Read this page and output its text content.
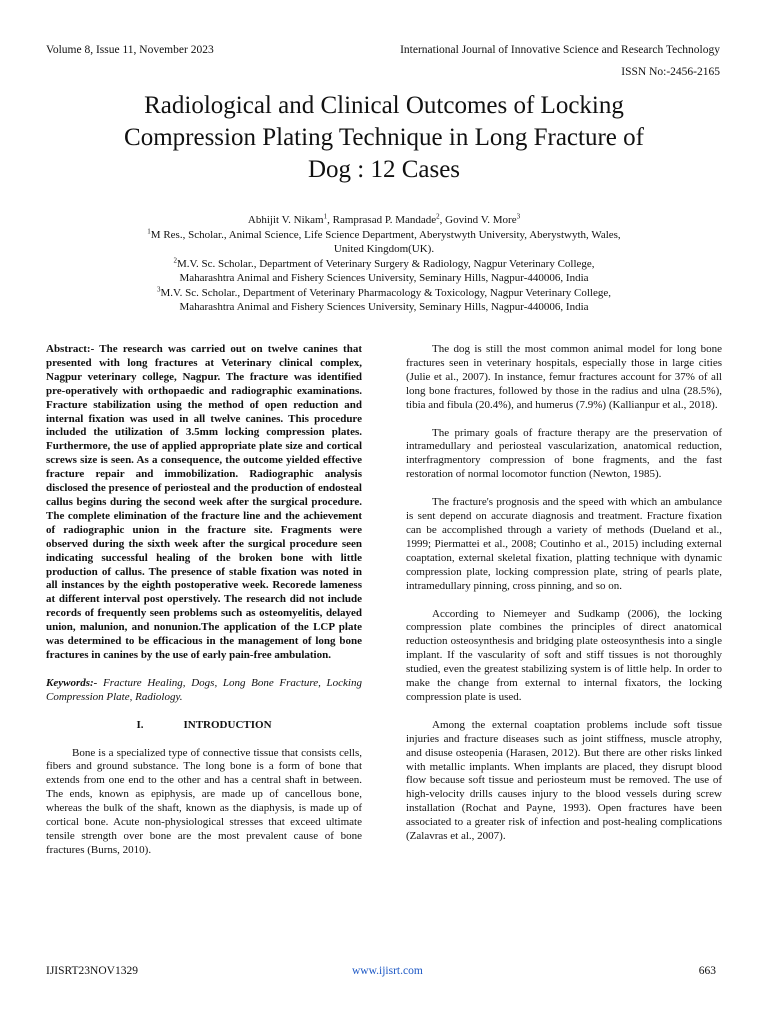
Volume 8, Issue 11, November 2023	International Journal of Innovative Science and Research Technology
ISSN No:-2456-2165
Radiological and Clinical Outcomes of Locking
Compression Plating Technique in Long Fracture of
Dog : 12 Cases
Abhijit V. Nikam$^1$, Ramprasad P. Mandade$^2$, Govind V. More$^3$
$^1$M Res., Scholar., Animal Science, Life Science Department, Aberystwyth University, Aberystwyth, Wales,
United Kingdom(UK).
$^2$M.V. Sc. Scholar., Department of Veterinary Surgery & Radiology, Nagpur Veterinary College,
Maharashtra Animal and Fishery Sciences University, Seminary Hills, Nagpur-440006, India
$^3$M.V. Sc. Scholar., Department of Veterinary Pharmacology & Toxicology, Nagpur Veterinary College,
Maharashtra Animal and Fishery Sciences University, Seminary Hills, Nagpur-440006, India

Abstract:- The research was carried out on twelve canines that presented with long fractures at Veterinary clinical complex, Nagpur veterinary college, Nagpur. The fracture was identified pre-operatively with orthopaedic and radiographic examinations. Fracture stabilization using the method of open reduction and internal fixation was used in all twelve canines. This procedure included the utilization of 3.5mm locking compression plates. Furthermore, the use of applied appropriate plate size and cortical screws size is seen. As a consequence, the outcome yielded effective fracture repair and immobilization. Radiographic analysis disclosed the presence of periosteal and the production of endosteal callus begins during the second week after the surgical procedure. The complete elimination of the fracture line and the achievement of radiographic union in the fracture site. Fragments were observed during the sixth week after the surgical procedure seen indicating successful healing of the broken bone with little production of callus. The presence of stable fixation was noted in all instances by the eighth postoperative week. Recorede lameness at different interval post operstively. The research did not include records of frequently seen problems such as osteomyelitis, delayed union, malunion, and nonunion.The application of the LCP plate was determined to be efficacious in the management of long bone fractures in canines by the use of early pain-free ambulation.

Keywords:- Fracture Healing, Dogs, Long Bone Fracture, Locking Compression Plate, Radiology.

I.	INTRODUCTION

Bone is a specialized type of connective tissue that consists cells, fibers and ground substance. The long bone is a form of bone that extends from one end to the other and has a central shaft in between. The ends, known as epiphysis, are made up of cancellous bone, whereas the bulk of the shaft, known as the diaphysis, is made up of cortical bone. Acute non-physiological stresses that exceed ultimate tensile strength over bone are the most prevalent cause of bone fractures (Burns, 2010).

The dog is still the most common animal model for long bone fractures seen in veterinary hospitals, especially those in large cities (Julie et al., 2007). In instance, femur fractures account for 37% of all long bone fractures, followed by those in the radius and ulna (28.5%), tibia and fibula (20.4%), and humerus (7.9%) (Kallianpur et al., 2018).

The primary goals of fracture therapy are the preservation of intramedullary and periosteal vascularization, anatomical reduction, interfragmentory compression of bone fragments, and the fast restoration of normal locomotor function (Newton, 1985).

The fracture's prognosis and the speed with which an ambulance is sent depend on accurate diagnosis and treatment. Fracture fixation can be accomplished through a variety of methods (Dueland et al., 1999; Piermattei et al., 2008; Coutinho et al., 2015) including external coaptation, external skeletal fixation, platting technique with dynamic compression plate, locking compression plate, string of pearls plate, intramedullary pinning, cross pinning, and so on.

According to Niemeyer and Sudkamp (2006), the locking compression plate combines the principles of direct anatomical reduction osteosynthesis and bridging plate osteosynthesis into a single implant. If the vascularity of soft and stiff tissues is not thoroughly studied, even the greatest stabilizing system is of little help. In order to make the change from external to internal fixators, the locking compression plate is used.

Among the external coaptation problems include soft tissue injuries and fracture diseases such as joint stiffness, muscle atrophy, and disuse osteopenia (Harasen, 2012). But there are other risks linked with metallic implants. When implants are placed, they disrupt blood flow because soft tissue and periosteum must be removed. The use of high-velocity drills causes injury to the blood vessels during screw installation (Rochat and Payne, 1993). Open fractures have been associated to a greater risk of infection and post-healing complications (Zalavras et al., 2007).

IJISRT23NOV1329	www.ijisrt.com	663
